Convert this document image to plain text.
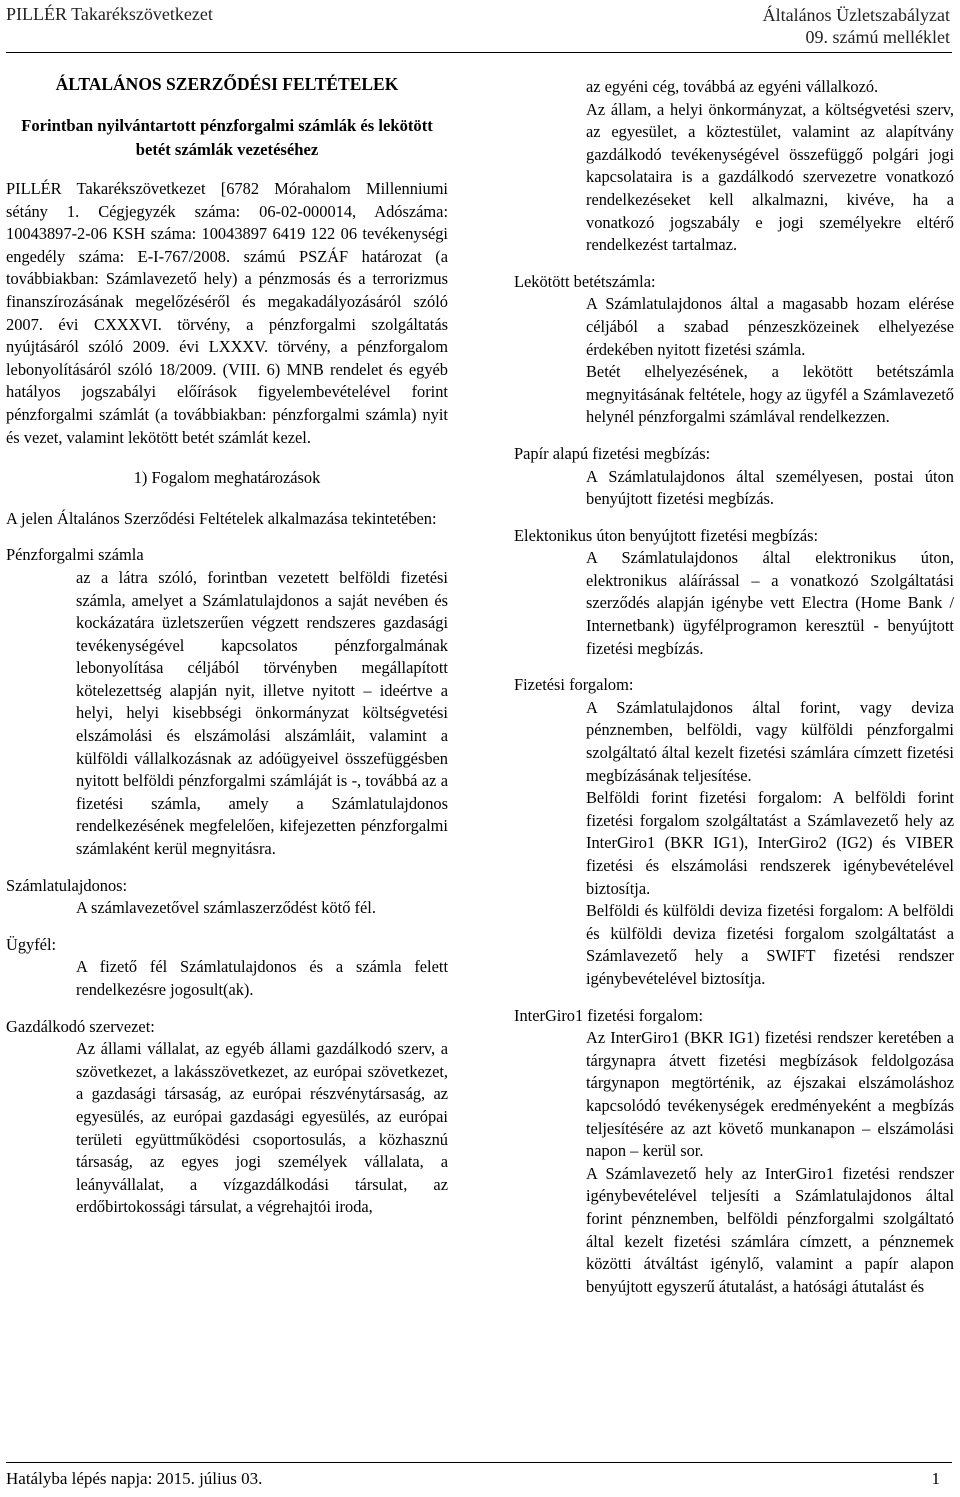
PILLÉR Takarékszövetkezet	Általános Üzletszabályzat
09. számú melléklet
ÁLTALÁNOS SZERZŐDÉSI FELTÉTELEK
Forintban nyilvántartott pénzforgalmi számlák és lekötött betét számlák vezetéséhez

PILLÉR Takarékszövetkezet [6782 Mórahalom Millenniumi sétány 1. Cégjegyzék száma: 06-02-000014, Adószáma: 10043897-2-06 KSH száma: 10043897 6419 122 06 tevékenységi engedély száma: E-I-767/2008. számú PSZÁF határozat (a továbbiakban: Számlavezető hely) a pénzmosás és a terrorizmus finanszírozásának megelőzéséről és megakadályozásáról szóló 2007. évi CXXXVI. törvény, a pénzforgalmi szolgáltatás nyújtásáról szóló 2009. évi LXXXV. törvény, a pénzforgalom lebonyolításáról szóló 18/2009. (VIII. 6) MNB rendelet és egyéb hatályos jogszabályi előírások figyelembevételével forint pénzforgalmi számlát (a továbbiakban: pénzforgalmi számla) nyit és vezet, valamint lekötött betét számlát kezel.

1) Fogalom meghatározások

A jelen Általános Szerződési Feltételek alkalmazása tekintetében:

Pénzforgalmi számla

az a látra szóló, forintban vezetett belföldi fizetési számla, amelyet a Számlatulajdonos a saját nevében és kockázatára üzletszerűen végzett rendszeres gazdasági tevékenységével kapcsolatos pénzforgalmának lebonyolítása céljából törvényben megállapított kötelezettség alapján nyit, illetve nyitott – ideértve a helyi, helyi kisebbségi önkormányzat költségvetési elszámolási és elszámolási alszámláit, valamint a külföldi vállalkozásnak az adóügyeivel összefüggésben nyitott belföldi pénzforgalmi számláját is -, továbbá az a fizetési számla, amely a Számlatulajdonos rendelkezésének megfelelően, kifejezetten pénzforgalmi számlaként kerül megnyitásra.

Számlatulajdonos:

A számlavezetővel számlaszerződést kötő fél.

Ügyfél:

A fizető fél Számlatulajdonos és a számla felett rendelkezésre jogosult(ak).

Gazdálkodó szervezet:

Az állami vállalat, az egyéb állami gazdálkodó szerv, a szövetkezet, a lakásszövetkezet, az európai szövetkezet, a gazdasági társaság, az európai részvénytársaság, az egyesülés, az európai gazdasági egyesülés, az európai területi együttműködési csoportosulás, a közhasznú társaság, az egyes jogi személyek vállalata, a leányvállalat, a vízgazdálkodási társulat, az erdőbirtokossági társulat, a végrehajtói iroda,

az egyéni cég, továbbá az egyéni vállalkozó.

Az állam, a helyi önkormányzat, a költségvetési szerv, az egyesület, a köztestület, valamint az alapítvány gazdálkodó tevékenységével összefüggő polgári jogi kapcsolataira is a gazdálkodó szervezetre vonatkozó rendelkezéseket kell alkalmazni, kivéve, ha a vonatkozó jogszabály e jogi személyekre eltérő rendelkezést tartalmaz.

Lekötött betétszámla:

A Számlatulajdonos által a magasabb hozam elérése céljából a szabad pénzeszközeinek elhelyezése érdekében nyitott fizetési számla.

Betét elhelyezésének, a lekötött betétszámla megnyitásának feltétele, hogy az ügyfél a Számlavezető helynél pénzforgalmi számlával rendelkezzen.

Papír alapú fizetési megbízás:

A Számlatulajdonos által személyesen, postai úton benyújtott fizetési megbízás.

Elektonikus úton benyújtott fizetési megbízás:

A Számlatulajdonos által elektronikus úton, elektronikus aláírással – a vonatkozó Szolgáltatási szerződés alapján igénybe vett Electra (Home Bank / Internetbank) ügyfélprogramon keresztül - benyújtott fizetési megbízás.

Fizetési forgalom:

A Számlatulajdonos által forint, vagy deviza pénznemben, belföldi, vagy külföldi pénzforgalmi szolgáltató által kezelt fizetési számlára címzett fizetési megbízásának teljesítése.

Belföldi forint fizetési forgalom: A belföldi forint fizetési forgalom szolgáltatást a Számlavezető hely az InterGiro1 (BKR IG1), InterGiro2 (IG2) és VIBER fizetési és elszámolási rendszerek igénybevételével biztosítja.

Belföldi és külföldi deviza fizetési forgalom: A belföldi és külföldi deviza fizetési forgalom szolgáltatást a Számlavezető hely a SWIFT fizetési rendszer igénybevételével biztosítja.

InterGiro1 fizetési forgalom:

Az InterGiro1 (BKR IG1) fizetési rendszer keretében a tárgynapra átvett fizetési megbízások feldolgozása tárgynapon megtörténik, az éjszakai elszámoláshoz kapcsolódó tevékenységek eredményeként a megbízás teljesítésére az azt követő munkanapon – elszámolási napon – kerül sor.

A Számlavezető hely az InterGiro1 fizetési rendszer igénybevételével teljesíti a Számlatulajdonos által forint pénznemben, belföldi pénzforgalmi szolgáltató által kezelt fizetési számlára címzett, a pénznemek közötti átváltást igénylő, valamint a papír alapon benyújtott egyszerű átutalást, a hatósági átutalást és

Hatályba lépés napja: 2015. július 03.	1
